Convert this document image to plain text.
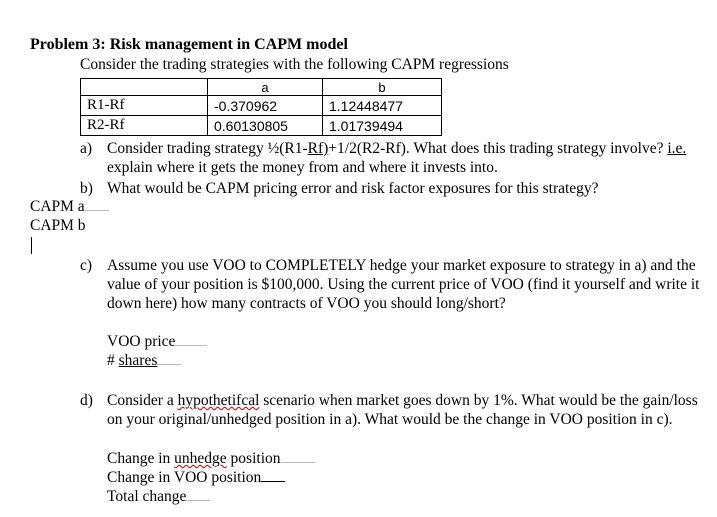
Problem 3: Risk management in CAPM model
Consider the trading strategies with the following CAPM regressions
	a	b
R1-Rf	-0.370962	1.12448477
R2-Rf	0.60130805	1.01739494
a) Consider trading strategy ½(R1-Rf)+1/2(R2-Rf). What does this trading strategy involve? i.e. explain where it gets the money from and where it invests into.
b) What would be CAPM pricing error and risk factor exposures for this strategy?
CAPM a
CAPM b
c) Assume you use VOO to COMPLETELY hedge your market exposure to strategy in a) and the value of your position is $100,000. Using the current price of VOO (find it yourself and write it down here) how many contracts of VOO you should long/short?
VOO price
# shares
d) Consider a hypothetifcal scenario when market goes down by 1%. What would be the gain/loss on your original/unhedged position in a). What would be the change in VOO position in c).
Change in unhedge position
Change in VOO position
Total change
